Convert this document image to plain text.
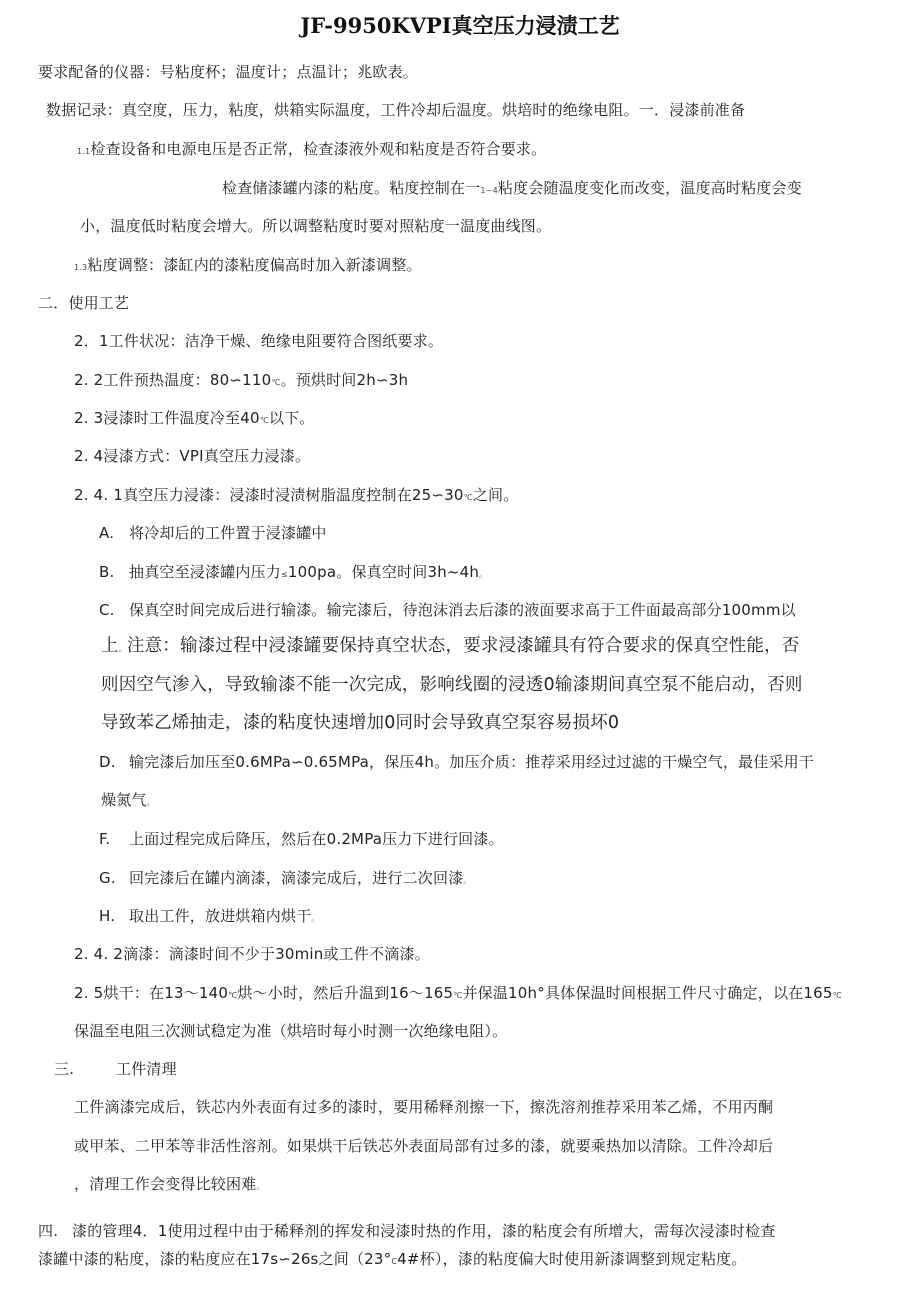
JF-9950KVPI真空压力浸渍工艺

要求配备的仪器：号粘度杯；温度计；点温计；兆欧表。

数据记录：真空度，压力，粘度，烘箱实际温度，工件冷却后温度。烘培时的绝缘电阻。一．浸漆前准备

1.1检查设备和电源电压是否正常，检查漆液外观和粘度是否符合要求。

检查储漆罐内漆的粘度。粘度控制在一1~4粘度会随温度变化而改变，温度高时粘度会变

小，温度低时粘度会增大。所以调整粘度时要对照粘度一温度曲线图。

1.3粘度调整：漆缸内的漆粘度偏高时加入新漆调整。

二．使用工艺

2．1工件状况：洁净干燥、绝缘电阻要符合图纸要求。

2. 2工件预热温度：80∽110℃。预烘时间2h∽3h

2. 3浸漆时工件温度冷至40℃以下。

2. 4浸漆方式：VPI真空压力浸漆。

2. 4. 1真空压力浸漆：浸漆时浸渍树脂温度控制在25∽30℃之间。

A. 将冷却后的工件置于浸漆罐中

B. 抽真空至浸漆罐内压力≤100pa。保真空时间3h~4h。

C. 保真空时间完成后进行输漆。输完漆后，待泡沫消去后漆的液面要求高于工件面最高部分100mm以

上。注意：输漆过程中浸漆罐要保持真空状态，要求浸漆罐具有符合要求的保真空性能，否

则因空气渗入，导致输漆不能一次完成，影响线圈的浸透0输漆期间真空泵不能启动，否则

导致苯乙烯抽走，漆的粘度快速增加0同时会导致真空泵容易损坏0

D. 输完漆后加压至0.6MPa∽0.65MPa，保压4h。加压介质：推荐采用经过过滤的干燥空气，最佳采用干

燥氮气。

F. 上面过程完成后降压，然后在0.2MPa压力下进行回漆。

G. 回完漆后在罐内滴漆，滴漆完成后，进行二次回漆。

H. 取出工件，放进烘箱内烘干。

2. 4. 2滴漆：滴漆时间不少于30min或工件不滴漆。

2. 5烘干：在13～140℃烘～小时，然后升温到16～165℃并保温10h°具体保温时间根据工件尺寸确定，以在165℃

保温至电阻三次测试稳定为准（烘培时每小时测一次绝缘电阻）。

三.	工件清理

工件滴漆完成后，铁芯内外表面有过多的漆时，要用稀释剂擦一下，擦洗溶剂推荐采用苯乙烯，不用丙酮

或甲苯、二甲苯等非活性溶剂。如果烘干后铁芯外表面局部有过多的漆，就要乘热加以清除。工件冷却后

，清理工作会变得比较困难。

四. 漆的管理4．1使用过程中由于稀释剂的挥发和浸漆时热的作用，漆的粘度会有所增大，需每次浸漆时检查

漆罐中漆的粘度，漆的粘度应在17s∽26s之间（23°C4#杯），漆的粘度偏大时使用新漆调整到规定粘度。
